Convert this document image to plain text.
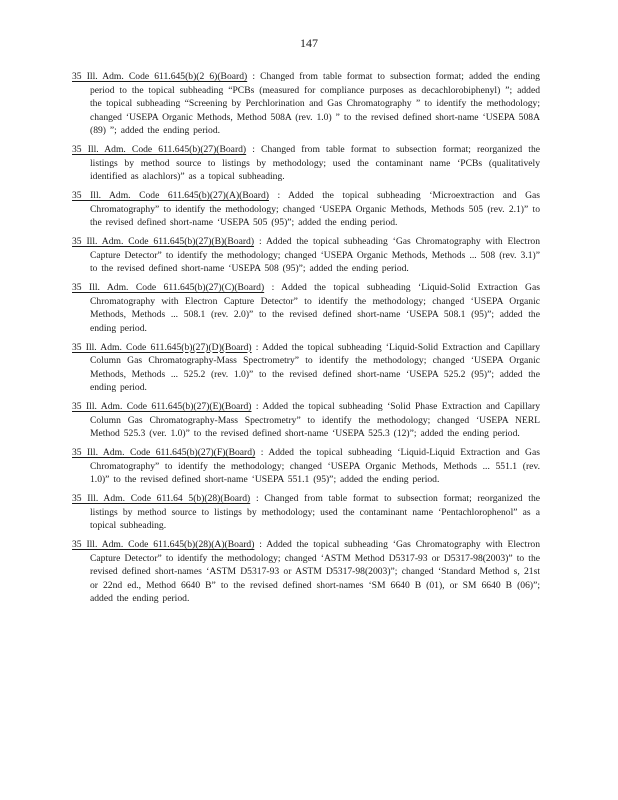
147

35 Ill. Adm. Code 611.645(b)(2 6)(Board) : Changed from table format to subsection format; added the ending period to the topical subheading “PCBs (measured for compliance purposes as decachlorobiphenyl) ”; added the topical subheading “Screening by Perchlorination and Gas Chromatography ” to identify the methodology; changed ‘USEPA Organic Methods, Method 508A (rev. 1.0) ” to the revised defined short-name ‘USEPA 508A (89) ”; added the ending period.

35 Ill. Adm. Code 611.645(b)(27)(Board) : Changed from table format to subsection format; reorganized the listings by method source to listings by methodology; used the contaminant name ‘PCBs (qualitatively identified as alachlors)” as a topical subheading.

35 Ill. Adm. Code 611.645(b)(27)(A)(Board) : Added the topical subheading ‘Microextraction and Gas Chromatography” to identify the methodology; changed ‘USEPA Organic Methods, Methods 505 (rev. 2.1)” to the revised defined short-name ‘USEPA 505 (95)”; added the ending period.

35 Ill. Adm. Code 611.645(b)(27)(B)(Board) : Added the topical subheading ‘Gas Chromatography with Electron Capture Detector” to identify the methodology; changed ‘USEPA Organic Methods, Methods ... 508 (rev. 3.1)” to the revised defined short-name ‘USEPA 508 (95)”; added the ending period.

35 Ill. Adm. Code 611.645(b)(27)(C)(Board) : Added the topical subheading ‘Liquid-Solid Extraction Gas Chromatography with Electron Capture Detector” to identify the methodology; changed ‘USEPA Organic Methods, Methods ... 508.1 (rev. 2.0)” to the revised defined short-name ‘USEPA 508.1 (95)”; added the ending period.

35 Ill. Adm. Code 611.645(b)(27)(D)(Board) : Added the topical subheading ‘Liquid-Solid Extraction and Capillary Column Gas Chromatography-Mass Spectrometry” to identify the methodology; changed ‘USEPA Organic Methods, Methods ... 525.2 (rev. 1.0)” to the revised defined short-name ‘USEPA 525.2 (95)”; added the ending period.

35 Ill. Adm. Code 611.645(b)(27)(E)(Board) : Added the topical subheading ‘Solid Phase Extraction and Capillary Column Gas Chromatography-Mass Spectrometry” to identify the methodology; changed ‘USEPA NERL Method 525.3 (ver. 1.0)” to the revised defined short-name ‘USEPA 525.3 (12)”; added the ending period.

35 Ill. Adm. Code 611.645(b)(27)(F)(Board) : Added the topical subheading ‘Liquid-Liquid Extraction and Gas Chromatography” to identify the methodology; changed ‘USEPA Organic Methods, Methods ... 551.1 (rev. 1.0)” to the revised defined short-name ‘USEPA 551.1 (95)”; added the ending period.

35 Ill. Adm. Code 611.64 5(b)(28)(Board) : Changed from table format to subsection format; reorganized the listings by method source to listings by methodology; used the contaminant name ‘Pentachlorophenol” as a topical subheading.

35 Ill. Adm. Code 611.645(b)(28)(A)(Board) : Added the topical subheading ‘Gas Chromatography with Electron Capture Detector” to identify the methodology; changed ‘ASTM Method D5317-93 or D5317-98(2003)” to the revised defined short-names ‘ASTM D5317-93 or ASTM D5317-98(2003)”; changed ‘Standard Method s, 21st or 22nd ed., Method 6640 B” to the revised defined short-names ‘SM 6640 B (01), or SM 6640 B (06)”; added the ending period.
